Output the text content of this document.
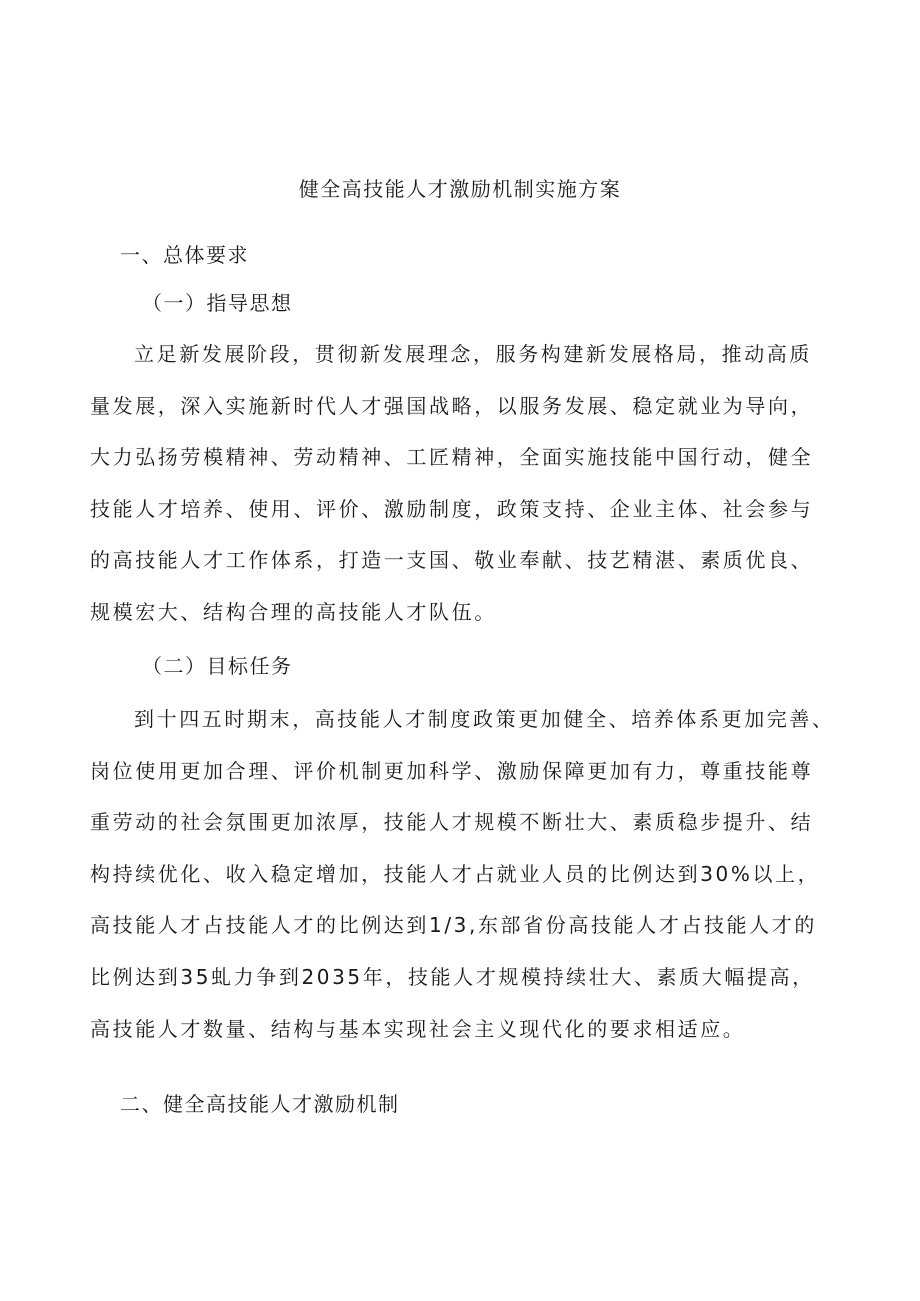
健全高技能人才激励机制实施方案
一、总体要求
（一）指导思想
立足新发展阶段，贯彻新发展理念，服务构建新发展格局，推动高质
量发展，深入实施新时代人才强国战略，以服务发展、稳定就业为导向，
大力弘扬劳模精神、劳动精神、工匠精神，全面实施技能中国行动，健全
技能人才培养、使用、评价、激励制度，政策支持、企业主体、社会参与
的高技能人才工作体系，打造一支国、敬业奉献、技艺精湛、素质优良、
规模宏大、结构合理的高技能人才队伍。
（二）目标任务
到十四五时期末，高技能人才制度政策更加健全、培养体系更加完善、
岗位使用更加合理、评价机制更加科学、激励保障更加有力，尊重技能尊
重劳动的社会氛围更加浓厚，技能人才规模不断壮大、素质稳步提升、结
构持续优化、收入稳定增加，技能人才占就业人员的比例达到30%以上，
高技能人才占技能人才的比例达到1/3,东部省份高技能人才占技能人才的
比例达到35虬力争到2035年，技能人才规模持续壮大、素质大幅提高，
高技能人才数量、结构与基本实现社会主义现代化的要求相适应。
二、健全高技能人才激励机制
